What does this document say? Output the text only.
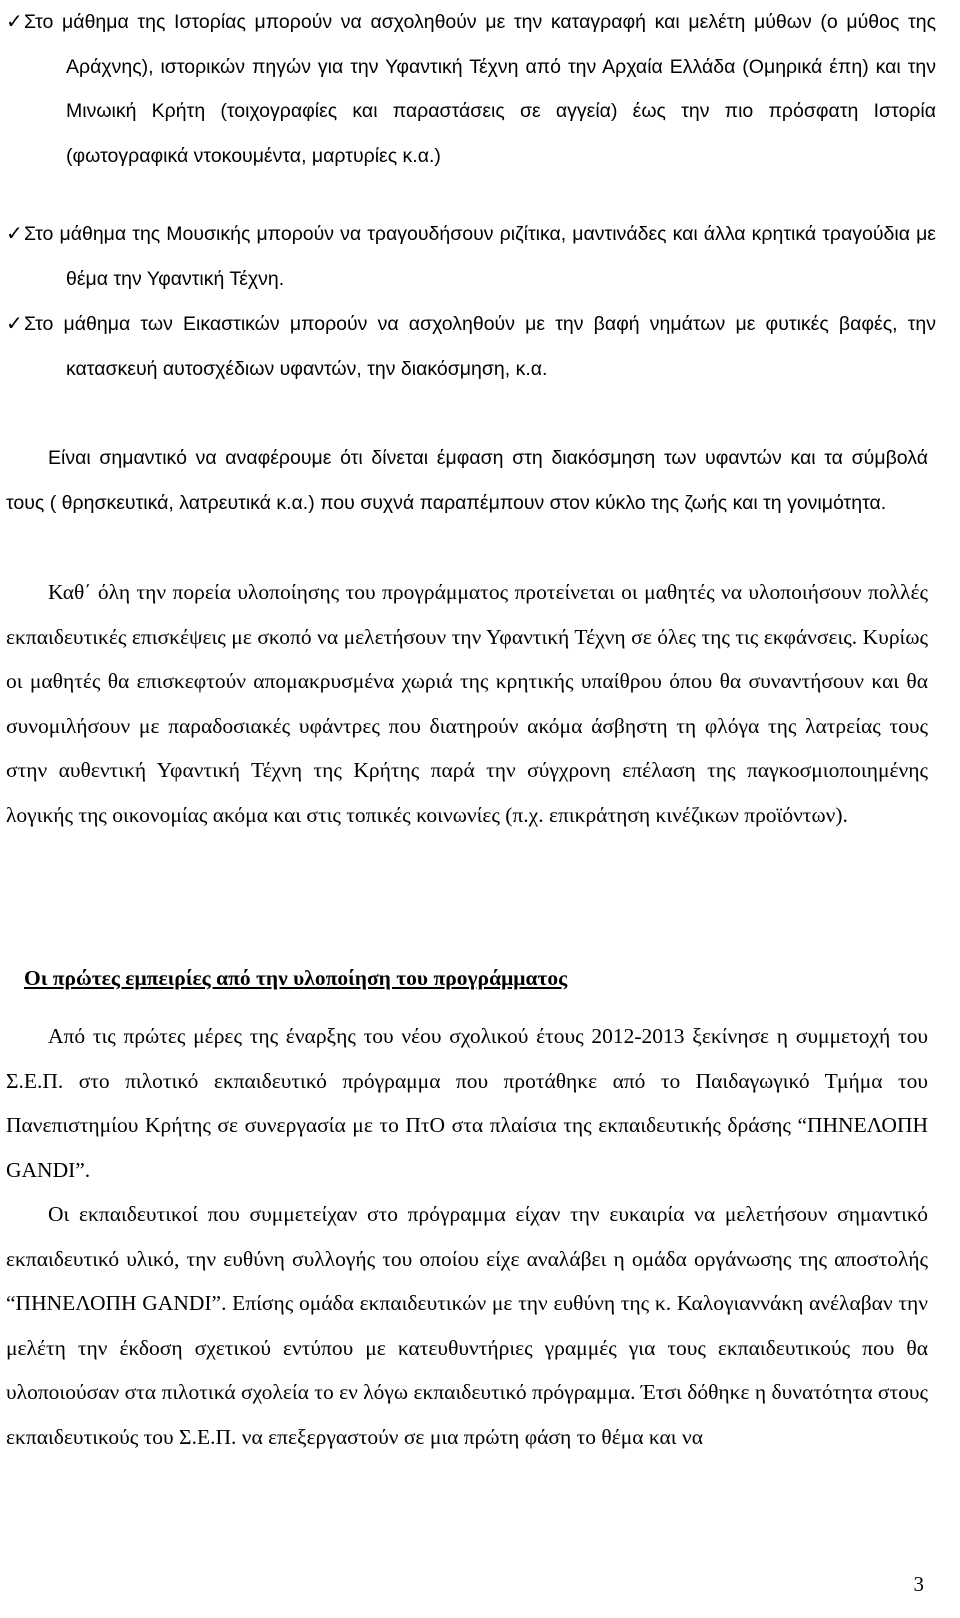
✓ Στο μάθημα της Ιστορίας μπορούν να ασχοληθούν με την καταγραφή και μελέτη μύθων (ο μύθος της Αράχνης), ιστορικών πηγών για την Υφαντική Τέχνη από την Αρχαία Ελλάδα (Ομηρικά έπη) και την Μινωική Κρήτη (τοιχογραφίες και παραστάσεις σε αγγεία) έως την πιο πρόσφατη Ιστορία (φωτογραφικά ντοκουμέντα, μαρτυρίες κ.α.)
✓ Στο μάθημα της Μουσικής μπορούν να τραγουδήσουν ριζίτικα, μαντινάδες και άλλα κρητικά τραγούδια με θέμα την Υφαντική Τέχνη.
✓ Στο μάθημα των Εικαστικών μπορούν να ασχοληθούν με την βαφή νημάτων με φυτικές βαφές, την κατασκευή αυτοσχέδιων υφαντών, την διακόσμηση, κ.α.
Είναι σημαντικό να αναφέρουμε ότι δίνεται έμφαση στη διακόσμηση των υφαντών και τα σύμβολά τους ( θρησκευτικά, λατρευτικά κ.α.) που συχνά παραπέμπουν στον κύκλο της ζωής και τη γονιμότητα.
Καθ΄ όλη την πορεία υλοποίησης του προγράμματος προτείνεται οι μαθητές να υλοποιήσουν πολλές εκπαιδευτικές επισκέψεις με σκοπό να μελετήσουν την Υφαντική Τέχνη σε όλες της τις εκφάνσεις. Κυρίως οι μαθητές θα επισκεφτούν απομακρυσμένα χωριά της κρητικής υπαίθρου όπου θα συναντήσουν και θα συνομιλήσουν με παραδοσιακές υφάντρες που διατηρούν ακόμα άσβηστη τη φλόγα της λατρείας τους στην αυθεντική Υφαντική Τέχνη της Κρήτης παρά την σύγχρονη επέλαση της παγκοσμιοποιημένης λογικής της οικονομίας ακόμα και στις τοπικές κοινωνίες (π.χ. επικράτηση κινέζικων προϊόντων).
Οι πρώτες εμπειρίες από την υλοποίηση του προγράμματος
Από τις πρώτες μέρες της έναρξης του νέου σχολικού έτους 2012-2013 ξεκίνησε η συμμετοχή του Σ.Ε.Π. στο πιλοτικό εκπαιδευτικό πρόγραμμα που προτάθηκε από το Παιδαγωγικό Τμήμα του Πανεπιστημίου Κρήτης σε συνεργασία με το ΠτΟ στα πλαίσια της εκπαιδευτικής δράσης “ΠΗΝΕΛΟΠΗ GANDI”.
Οι εκπαιδευτικοί που συμμετείχαν στο πρόγραμμα είχαν την ευκαιρία να μελετήσουν σημαντικό εκπαιδευτικό υλικό, την ευθύνη συλλογής του οποίου είχε αναλάβει η ομάδα οργάνωσης της αποστολής “ΠΗΝΕΛΟΠΗ GANDI”. Επίσης ομάδα εκπαιδευτικών με την ευθύνη της κ. Καλογιαννάκη ανέλαβαν την μελέτη την έκδοση σχετικού εντύπου με κατευθυντήριες γραμμές για τους εκπαιδευτικούς που θα υλοποιούσαν στα πιλοτικά σχολεία το εν λόγω εκπαιδευτικό πρόγραμμα. Έτσι δόθηκε η δυνατότητα στους εκπαιδευτικούς του Σ.Ε.Π. να επεξεργαστούν σε μια πρώτη φάση το θέμα και να
3
